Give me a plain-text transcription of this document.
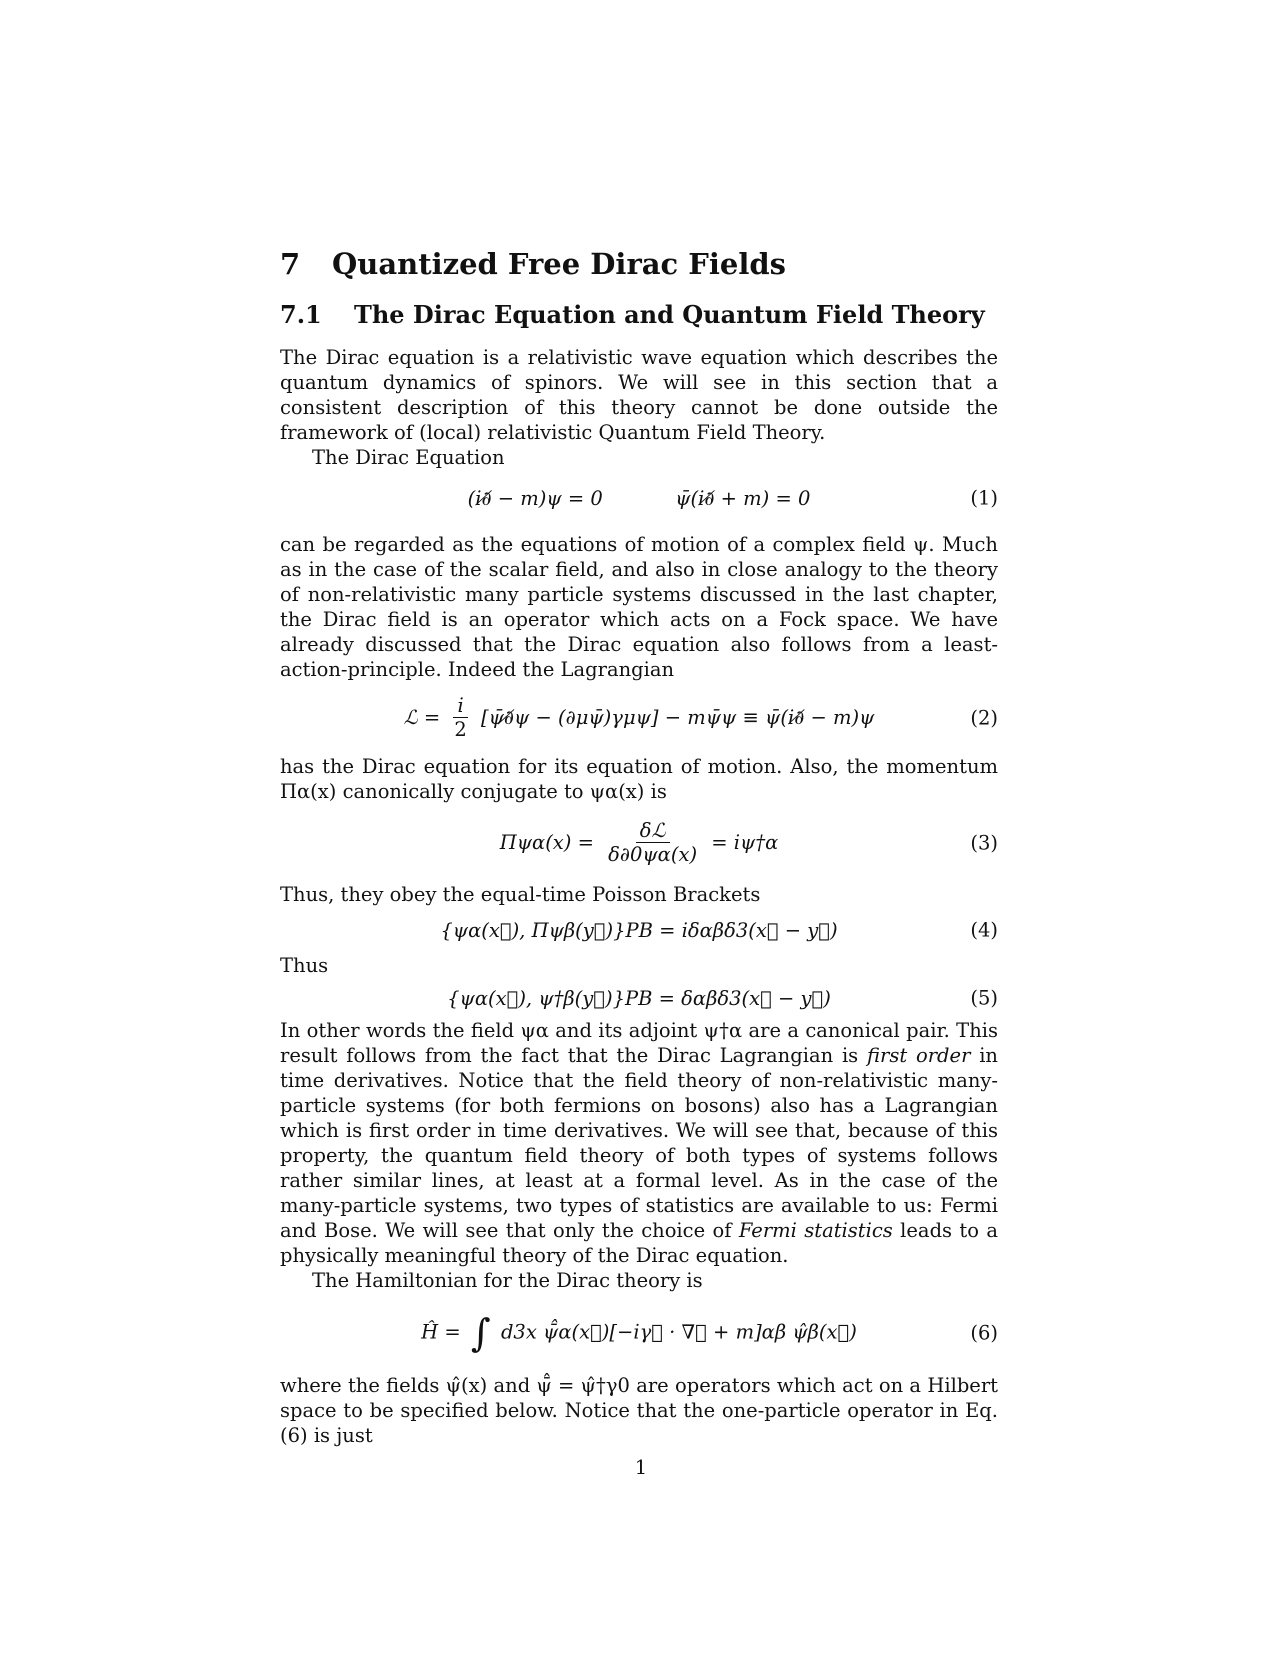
7	Quantized Free Dirac Fields
7.1	The Dirac Equation and Quantum Field Theory

The Dirac equation is a relativistic wave equation which describes the quantum dynamics of spinors. We will see in this section that a consistent description of this theory cannot be done outside the framework of (local) relativistic Quantum Field Theory.

The Dirac Equation

(i∂̸ − m)ψ = 0	ψ̄(i∂̸ + m) = 0	(1)

can be regarded as the equations of motion of a complex field ψ. Much as in the case of the scalar field, and also in close analogy to the theory of non-relativistic many particle systems discussed in the last chapter, the Dirac field is an operator which acts on a Fock space. We have already discussed that the Dirac equation also follows from a least-action-principle. Indeed the Lagrangian

ℒ = $\frac{i}{2}$ [ψ̄∂̸ψ − (∂μψ̄)γμψ] − mψ̄ψ ≡ ψ̄(i∂̸ − m)ψ	(2)

has the Dirac equation for its equation of motion. Also, the momentum Πα(x) canonically conjugate to ψα(x) is

$\Pi\psi\alpha(x) = \frac{\text{δℒ}}{\delta\partial 0\psi\alpha(x)}$ = iψ†α	(3)

Thus, they obey the equal-time Poisson Brackets

{ψα(x⃗), Πψβ(y⃗)}PB = iδαβδ3(x⃗ − y⃗)	(4)

Thus

{ψα(x⃗), ψ†β(y⃗)}PB = δαβδ3(x⃗ − y⃗)	(5)

In other words the field ψα and its adjoint ψ†α are a canonical pair. This result follows from the fact that the Dirac Lagrangian is first order in time derivatives. Notice that the field theory of non-relativistic many-particle systems (for both fermions on bosons) also has a Lagrangian which is first order in time derivatives. We will see that, because of this property, the quantum field theory of both types of systems follows rather similar lines, at least at a formal level. As in the case of the many-particle systems, two types of statistics are available to us: Fermi and Bose. We will see that only the choice of Fermi statistics leads to a physically meaningful theory of the Dirac equation.

The Hamiltonian for the Dirac theory is

Ĥ = ∫ d3x ψ̄̂α(x⃗)[−iγ⃗ · ∇⃗ + m]αβ ψ̂β(x⃗)	(6)

where the fields ψ̂(x) and ψ̄̂ = ψ̂†γ0 are operators which act on a Hilbert space to be specified below. Notice that the one-particle operator in Eq. (6) is just

1
